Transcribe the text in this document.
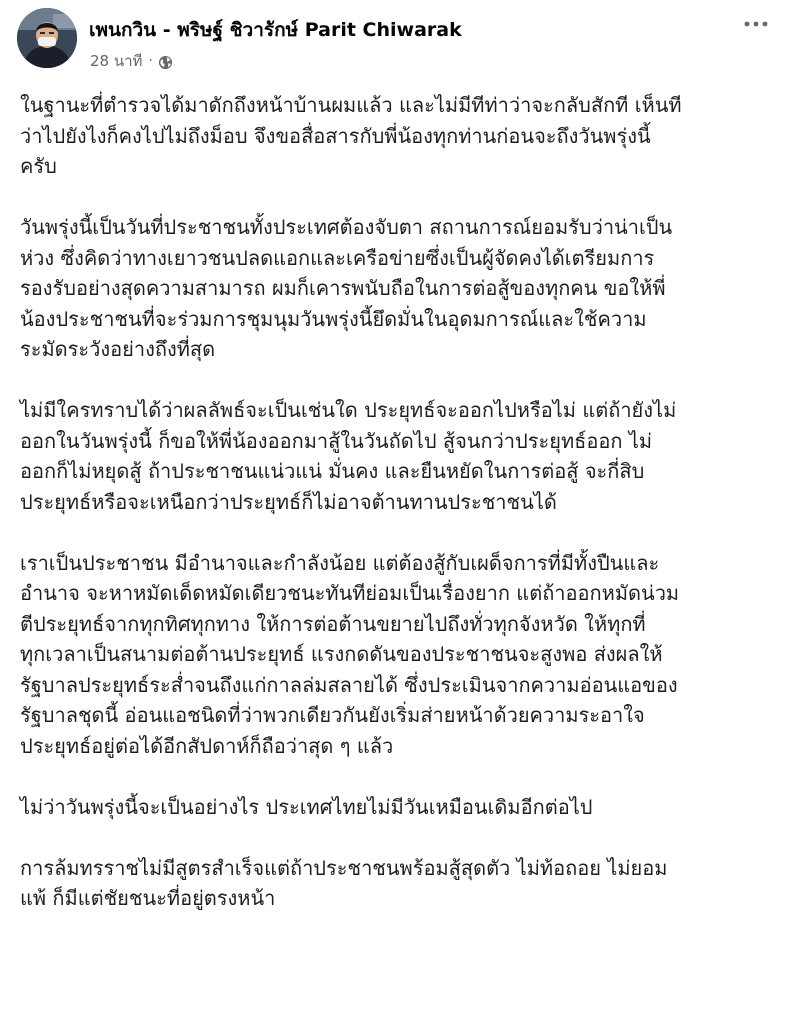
เพนกวิน - พริษฐ์ ชิวารักษ์ Parit Chiwarak
28 นาที ·

ในฐานะที่ตำรวจได้มาดักถึงหน้าบ้านผมแล้ว และไม่มีทีท่าว่าจะกลับสักที เห็นที
ว่าไปยังไงก็คงไปไม่ถึงม็อบ จึงขอสื่อสารกับพี่น้องทุกท่านก่อนจะถึงวันพรุ่งนี้
ครับ

วันพรุ่งนี้เป็นวันที่ประชาชนทั้งประเทศต้องจับตา สถานการณ์ยอมรับว่าน่าเป็น
ห่วง ซึ่งคิดว่าทางเยาวชนปลดแอกและเครือข่ายซึ่งเป็นผู้จัดคงได้เตรียมการ
รองรับอย่างสุดความสามารถ ผมก็เคารพนับถือในการต่อสู้ของทุกคน ขอให้พี่
น้องประชาชนที่จะร่วมการชุมนุมวันพรุ่งนี้ยึดมั่นในอุดมการณ์และใช้ความ
ระมัดระวังอย่างถึงที่สุด

ไม่มีใครทราบได้ว่าผลลัพธ์จะเป็นเช่นใด ประยุทธ์จะออกไปหรือไม่ แต่ถ้ายังไม่
ออกในวันพรุ่งนี้ ก็ขอให้พี่น้องออกมาสู้ในวันถัดไป สู้จนกว่าประยุทธ์ออก ไม่
ออกก็ไม่หยุดสู้ ถ้าประชาชนแน่วแน่ มั่นคง และยืนหยัดในการต่อสู้ จะกี่สิบ
ประยุทธ์หรือจะเหนือกว่าประยุทธ์ก็ไม่อาจต้านทานประชาชนได้

เราเป็นประชาชน มีอำนาจและกำลังน้อย แต่ต้องสู้กับเผด็จการที่มีทั้งปืนและ
อำนาจ จะหาหมัดเด็ดหมัดเดียวชนะทันทีย่อมเป็นเรื่องยาก แต่ถ้าออกหมัดน่วม
ตีประยุทธ์จากทุกทิศทุกทาง ให้การต่อต้านขยายไปถึงทั่วทุกจังหวัด ให้ทุกที่
ทุกเวลาเป็นสนามต่อต้านประยุทธ์ แรงกดดันของประชาชนจะสูงพอ ส่งผลให้
รัฐบาลประยุทธ์ระส่ำจนถึงแก่กาลล่มสลายได้ ซึ่งประเมินจากความอ่อนแอของ
รัฐบาลชุดนี้ อ่อนแอชนิดที่ว่าพวกเดียวกันยังเริ่มส่ายหน้าด้วยความระอาใจ
ประยุทธ์อยู่ต่อได้อีกสัปดาห์ก็ถือว่าสุด ๆ แล้ว

ไม่ว่าวันพรุ่งนี้จะเป็นอย่างไร ประเทศไทยไม่มีวันเหมือนเดิมอีกต่อไป

การล้มทรราชไม่มีสูตรสำเร็จแต่ถ้าประชาชนพร้อมสู้สุดตัว ไม่ท้อถอย ไม่ยอม
แพ้ ก็มีแต่ชัยชนะที่อยู่ตรงหน้า
